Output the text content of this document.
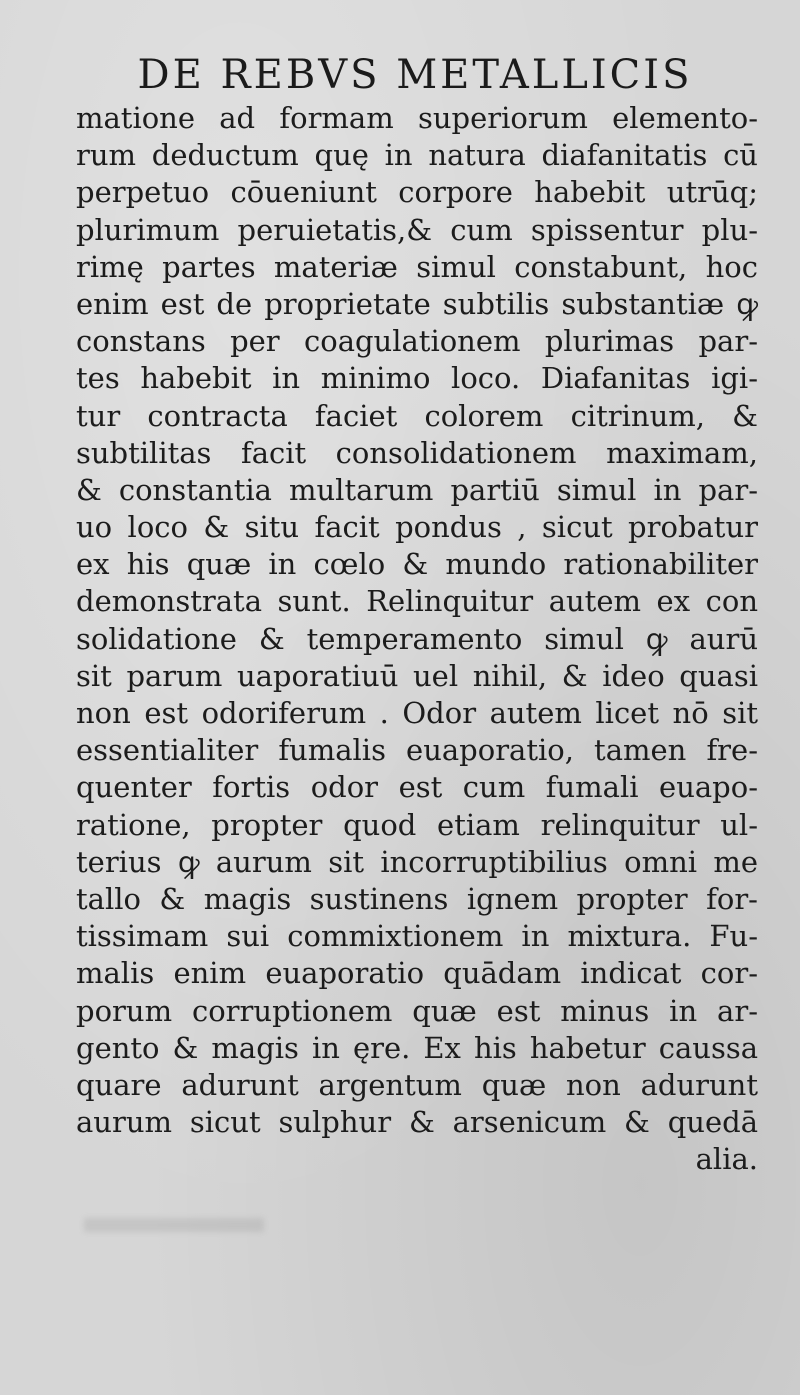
DE REBVS METALLICIS
matione ad formam superiorum elemento-
rum deductum quę in natura diafanitatis cū
perpetuo cōueniunt corpore habebit utrūq;
plurimum peruietatis,& cum spissentur plu-
rimę partes materiæ simul constabunt, hoc
enim est de proprietate subtilis substantiæ ꝙ
constans per coagulationem plurimas par-
tes habebit in minimo loco. Diafanitas igi-
tur contracta faciet colorem citrinum, &
subtilitas facit consolidationem maximam,
& constantia multarum partiū simul in par-
uo loco & situ facit pondus , sicut probatur
ex his quæ in cœlo & mundo rationabiliter
demonstrata sunt. Relinquitur autem ex con
solidatione & temperamento simul ꝙ aurū
sit parum uaporatiuū uel nihil, & ideo quasi
non est odoriferum . Odor autem licet nō sit
essentialiter fumalis euaporatio, tamen fre-
quenter fortis odor est cum fumali euapo-
ratione, propter quod etiam relinquitur ul-
terius ꝙ aurum sit incorruptibilius omni me
tallo & magis sustinens ignem propter for-
tissimam sui commixtionem in mixtura. Fu-
malis enim euaporatio quādam indicat cor-
porum corruptionem quæ est minus in ar-
gento & magis in ęre. Ex his habetur caussa
quare adurunt argentum quæ non adurunt
aurum sicut sulphur & arsenicum & quedā
alia.
